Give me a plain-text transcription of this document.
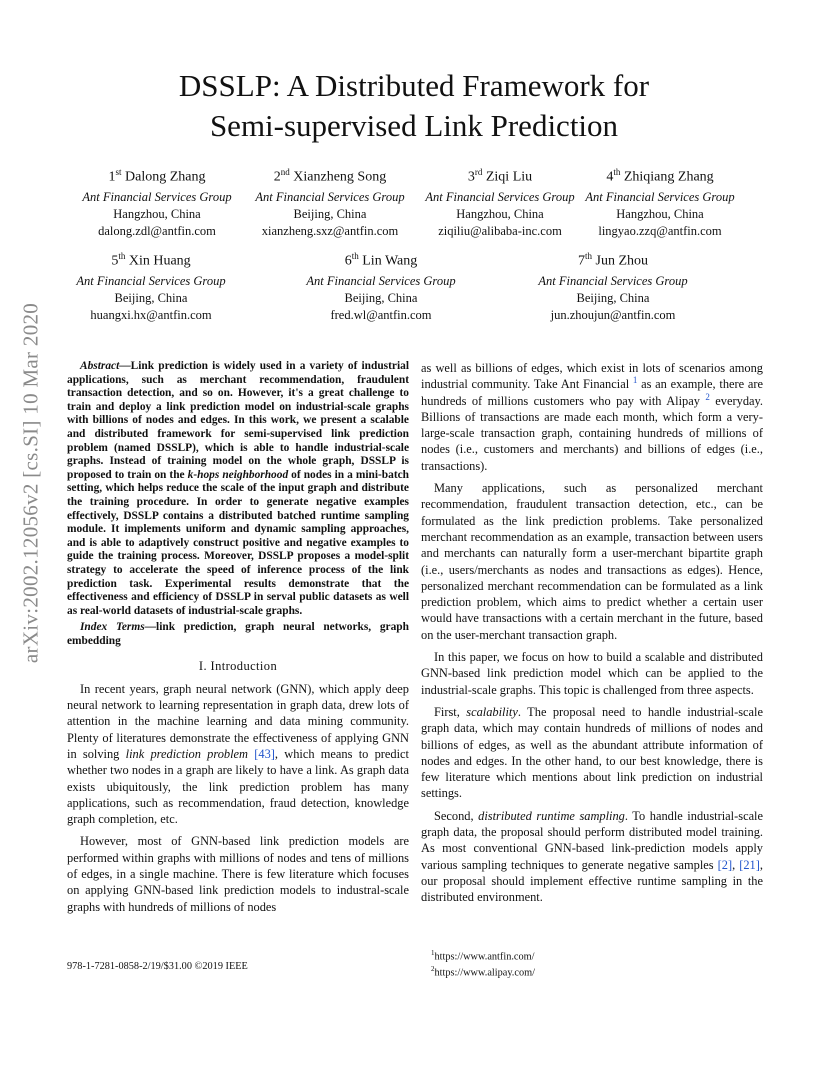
arXiv:2002.12056v2 [cs.SI] 10 Mar 2020
DSSLP: A Distributed Framework for
Semi-supervised Link Prediction
1st Dalong Zhang
Ant Financial Services Group
Hangzhou, China
dalong.zdl@antfin.com
2nd Xianzheng Song
Ant Financial Services Group
Beijing, China
xianzheng.sxz@antfin.com
3rd Ziqi Liu
Ant Financial Services Group
Hangzhou, China
ziqiliu@alibaba-inc.com
4th Zhiqiang Zhang
Ant Financial Services Group
Hangzhou, China
lingyao.zzq@antfin.com
5th Xin Huang
Ant Financial Services Group
Beijing, China
huangxi.hx@antfin.com
6th Lin Wang
Ant Financial Services Group
Beijing, China
fred.wl@antfin.com
7th Jun Zhou
Ant Financial Services Group
Beijing, China
jun.zhoujun@antfin.com

Abstract—Link prediction is widely used in a variety of industrial applications, such as merchant recommendation, fraudulent transaction detection, and so on. However, it's a great challenge to train and deploy a link prediction model on industrial-scale graphs with billions of nodes and edges. In this work, we present a scalable and distributed framework for semi-supervised link prediction problem (named DSSLP), which is able to handle industrial-scale graphs. Instead of training model on the whole graph, DSSLP is proposed to train on the k-hops neighborhood of nodes in a mini-batch setting, which helps reduce the scale of the input graph and distribute the training procedure. In order to generate negative examples effectively, DSSLP contains a distributed batched runtime sampling module. It implements uniform and dynamic sampling approaches, and is able to adaptively construct positive and negative examples to guide the training process. Moreover, DSSLP proposes a model-split strategy to accelerate the speed of inference process of the link prediction task. Experimental results demonstrate that the effectiveness and efficiency of DSSLP in serval public datasets as well as real-world datasets of industrial-scale graphs.

Index Terms—link prediction, graph neural networks, graph embedding

I. Introduction

In recent years, graph neural network (GNN), which apply deep neural network to learning representation in graph data, drew lots of attention in the machine learning and data mining community. Plenty of literatures demonstrate the effectiveness of applying GNN in solving link prediction problem [43], which means to predict whether two nodes in a graph are likely to have a link. As graph data exists ubiquitously, the link prediction problem has many applications, such as recommendation, fraud detection, knowledge graph completion, etc.

However, most of GNN-based link prediction models are performed within graphs with millions of nodes and tens of millions of edges, in a single machine. There is few literature which focuses on applying GNN-based link prediction models to industral-scale graphs with hundreds of millions of nodes

as well as billions of edges, which exist in lots of scenarios among industrial community. Take Ant Financial $^1$ as an example, there are hundreds of millions customers who pay with Alipay $^2$ everyday. Billions of transactions are made each month, which form a very-large-scale transaction graph, containing hundreds of millions of nodes (i.e., customers and merchants) and billions of edges (i.e., transactions).

Many applications, such as personalized merchant recommendation, fraudulent transaction detection, etc., can be formulated as the link prediction problems. Take personalized merchant recommendation as an example, transaction between users and merchants can naturally form a user-merchant bipartite graph (i.e., users/merchants as nodes and transactions as edges). Hence, personalized merchant recommendation can be formulated as a link prediction problem, which aims to predict whether a certain user would have transactions with a certain merchant in the future, based on the user-merchant transaction graph.

In this paper, we focus on how to build a scalable and distributed GNN-based link prediction model which can be applied to the industrial-scale graphs. This topic is challenged from three aspects.

First, scalability. The proposal need to handle industrial-scale graph data, which may contain hundreds of millions of nodes and billions of edges, as well as the abundant attribute information of nodes and edges. In the other hand, to our best knowledge, there is few literature which mentions about link prediction on industrial settings.

Second, distributed runtime sampling. To handle industrial-scale graph data, the proposal should perform distributed model training. As most conventional GNN-based link-prediction models apply various sampling techniques to generate negative samples [2], [21], our proposal should implement effective runtime sampling in the distributed environment.

$^1$https://www.antfin.com/
$^2$https://www.alipay.com/
978-1-7281-0858-2/19/$31.00 ©2019 IEEE
